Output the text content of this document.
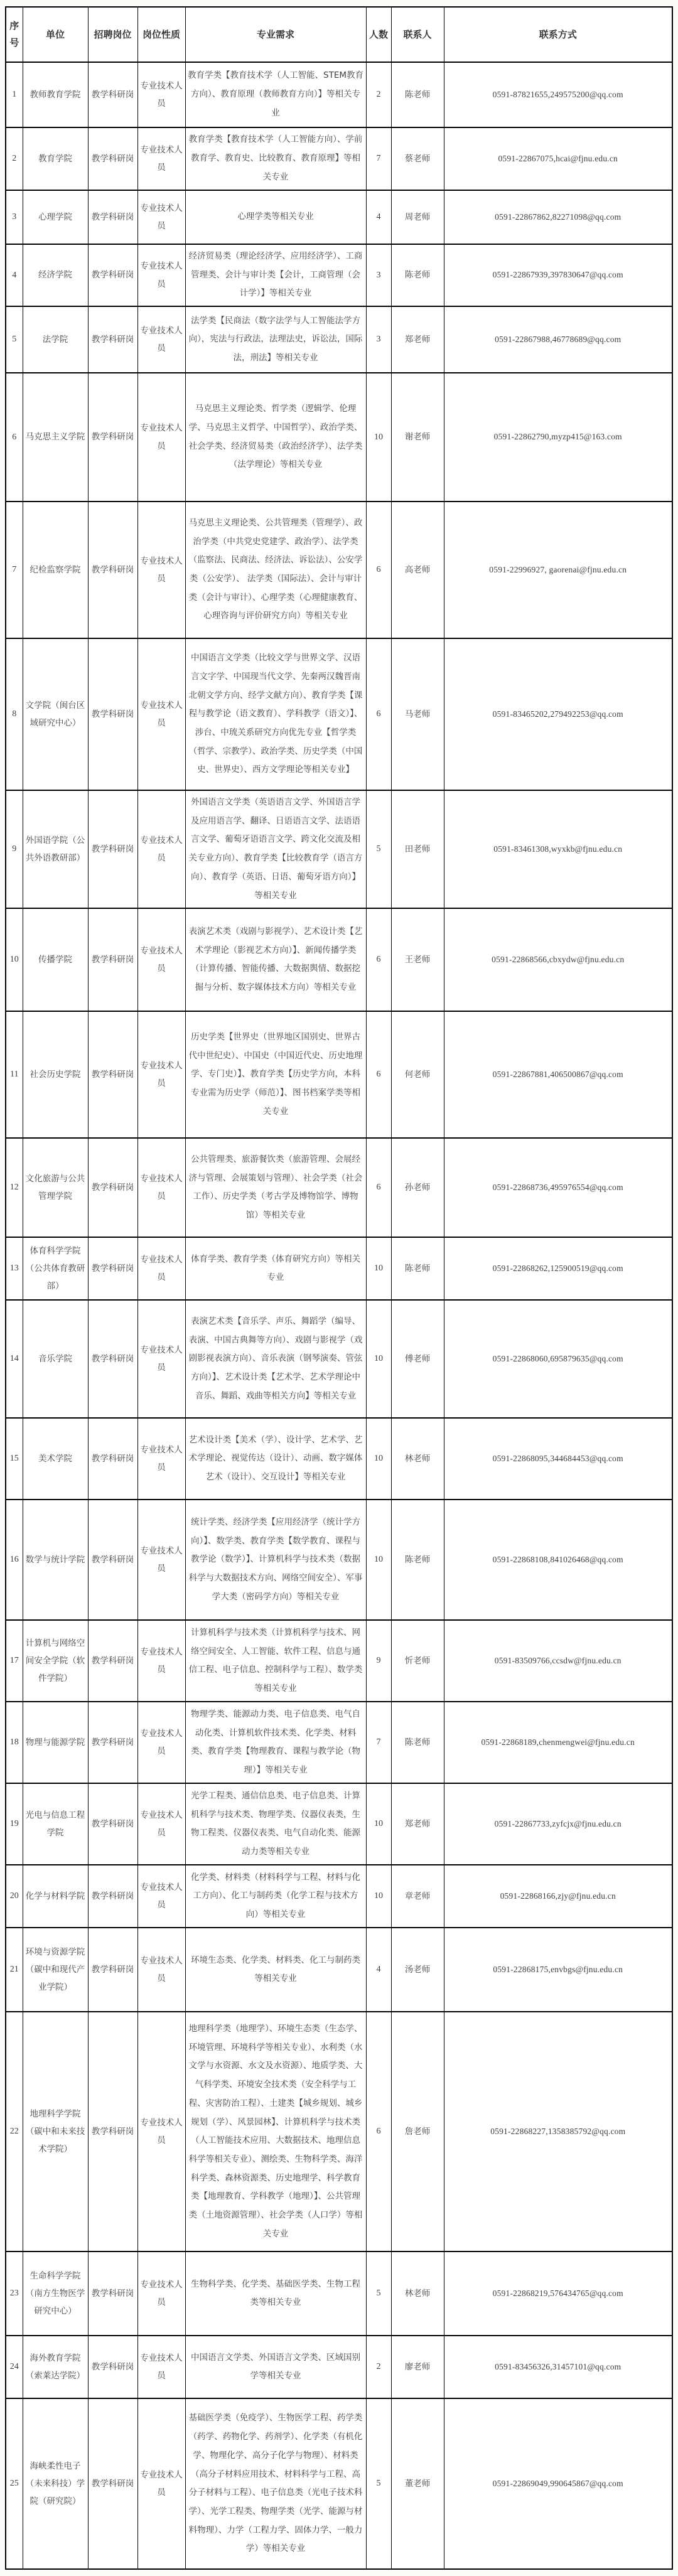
序号	单位	招聘岗位	岗位性质	专业需求	人数	联系人	联系方式
1	教师教育学院	教学科研岗	专业技术人员	教育学类【教育技术学（人工智能、STEM教育方向）、教育原理（教师教育方向）】等相关专业	2	陈老师	0591-87821655,249575200@qq.com
2	教育学院	教学科研岗	专业技术人员	教育学类【教育技术学（人工智能方向）、学前教育学、教育史、比较教育、教育原理】等相关专业	7	蔡老师	0591-22867075,hcai@fjnu.edu.cn
3	心理学院	教学科研岗	专业技术人员	心理学类等相关专业	4	周老师	0591-22867862,82271098@qq.com
4	经济学院	教学科研岗	专业技术人员	经济贸易类（理论经济学、应用经济学）、工商管理类、会计与审计类【会计，工商管理（会计学）】等相关专业	3	陈老师	0591-22867939,397830647@qq.com
5	法学院	教学科研岗	专业技术人员	法学类【民商法（数字法学与人工智能法学方向），宪法与行政法，法理法史，诉讼法，国际法，刑法】等相关专业	3	郑老师	0591-22867988,46778689@qq.com
6	马克思主义学院	教学科研岗	专业技术人员	马克思主义理论类、哲学类（逻辑学、伦理学、马克思主义哲学、中国哲学）、政治学类、社会学类、经济贸易类（政治经济学）、法学类（法学理论）等相关专业	10	谢老师	0591-22862790,myzp415@163.com
7	纪检监察学院	教学科研岗	专业技术人员	马克思主义理论类、公共管理类（管理学）、政治学类（中共党史党建学、政治学）、法学类（监察法、民商法、经济法、诉讼法）、公安学类（公安学）、 法学类（国际法）、会计与审计类（会计与审计）、心理学类（心理健康教育、心理咨询与评价研究方向）等相关专业	6	高老师	0591-22996927, gaorenai@fjnu.edu.cn
8	文学院（闽台区域研究中心）	教学科研岗	专业技术人员	中国语言文学类（比较文学与世界文学、汉语言文字学、中国现当代文学、先秦两汉魏晋南北朝文学方向、经学文献方向）、教育学类【课程与教学论（语文教育）、学科教学（语文）】、涉台、中琉关系研究方向优先专业【哲学类（哲学、宗教学）、政治学类、历史学类（中国史、世界史）、西方文学理论等相关专业】	6	马老师	0591-83465202,279492253@qq.com
9	外国语学院（公共外语教研部）	教学科研岗	专业技术人员	外国语言文学类（英语语言文学、外国语言学及应用语言学、翻译、日语语言文学、法语语言文学、葡萄牙语语言文学、跨文化交流及相关专业方向）、教育学类【比较教育学（语言方向）、教育学（英语、日语、葡萄牙语方向）】等相关专业	5	田老师	0591-83461308,wyxkb@fjnu.edu.cn
10	传播学院	教学科研岗	专业技术人员	表演艺术类（戏剧与影视学）、艺术设计类【艺术学理论（影视艺术方向）】、新闻传播学类（计算传播、智能传播、大数据舆情、数据挖掘与分析、数字媒体技术方向）等相关专业	6	王老师	0591-22868566,cbxydw@fjnu.edu.cn
11	社会历史学院	教学科研岗	专业技术人员	历史学类【世界史（世界地区国别史、世界古代中世纪史）、中国史（中国近代史、历史地理学、专门史）】、教育学类【历史学方向，本科专业需为历史学（师范）】、图书档案学类等相关专业	6	何老师	0591-22867881,406500867@qq.com
12	文化旅游与公共管理学院	教学科研岗	专业技术人员	公共管理类、旅游餐饮类（旅游管理、会展经济与管理、会展策划与管理）、社会学类（社会工作）、历史学类（考古学及博物馆学、博物馆）等相关专业	6	孙老师	0591-22868736,495976554@qq.com
13	体育科学学院（公共体育教研部）	教学科研岗	专业技术人员	体育学类、教育学类（体育研究方向）等相关专业	10	陈老师	0591-22868262,125900519@qq.com
14	音乐学院	教学科研岗	专业技术人员	表演艺术类【音乐学、声乐、舞蹈学（编导、表演、中国古典舞等方向）、戏剧与影视学（戏剧影视表演方向）、音乐表演（钢琴演奏、管弦方向）】、艺术设计类【艺术学、艺术学理论中音乐、舞蹈、戏曲等相关方向】等相关专业	10	傅老师	0591-22868060,695879635@qq.com
15	美术学院	教学科研岗	专业技术人员	艺术设计类【美术（学）、设计学、艺术学、艺术学理论、视觉传达（设计）、动画、数字媒体艺术（设计）、交互设计】等相关专业	10	林老师	0591-22868095,344684453@qq.com
16	数学与统计学院	教学科研岗	专业技术人员	统计学类、经济学类【应用经济学（统计学方向）】、数学类、教育学类【数学教育、课程与教学论（数学）】、计算机科学与技术类（数据科学与大数据技术方向、网络空间安全）、军事学大类（密码学方向）等相关专业	10	陈老师	0591-22868108,841026468@qq.com
17	计算机与网络空间安全学院（软件学院）	教学科研岗	专业技术人员	计算机科学与技术类（计算机科学与技术、网络空间安全、人工智能、软件工程、信息与通信工程、电子信息、控制科学与工程）、数学类等相关专业	9	忻老师	0591-83509766,ccsdw@fjnu.edu.cn
18	物理与能源学院	教学科研岗	专业技术人员	物理学类、能源动力类、电子信息类、电气自动化类、计算机软件技术类、化学类、材料类、教育学类【物理教育、课程与教学论（物理）】等相关专业	7	陈老师	0591-22868189,chenmengwei@fjnu.edu.cn
19	光电与信息工程学院	教学科研岗	专业技术人员	光学工程类、通信信息类、电子信息类、计算机科学与技术类、物理学类、仪器仪表类，生物工程类、仪器仪表类、电气自动化类、能源动力类等相关专业	10	郑老师	0591-22867733,zyfcjx@fjnu.edu.cn
20	化学与材料学院	教学科研岗	专业技术人员	化学类、材料类（材料科学与工程、材料与化工方向）、化工与制药类（化学工程与技术方向）等相关专业	10	章老师	0591-22868166,zjy@fjnu.edu.cn
21	环境与资源学院（碳中和现代产业学院）	教学科研岗	专业技术人员	环境生态类、化学类、材料类、化工与制药类等相关专业	4	汤老师	0591-22868175,envbgs@fjnu.edu.cn
22	地理科学学院（碳中和未来技术学院）	教学科研岗	专业技术人员	地理科学类（地理学）、环境生态类（生态学、环境管理、环境科学等相关专业）、水利类（水文学与水资源、水文及水资源）、地质学类、大气科学类、环境安全技术类（安全科学与工程、灾害防治工程）、土建类【城乡规划、城乡规划（学）、风景园林】、计算机科学与技术类（人工智能技术应用、大数据技术、地理信息科学等相关专业）、测绘类、生物科学类、海洋科学类、森林资源类、历史地理学、科学教育类【地理教育、学科教学（地理）】、公共管理类（土地资源管理）、社会学类（人口学）等相关专业	6	詹老师	0591-22868227,1358385792@qq.com
23	生命科学学院（南方生物医学研究中心）	教学科研岗	专业技术人员	生物科学类、化学类、基础医学类、生物工程类等相关专业	5	林老师	0591-22868219,576434765@qq.com
24	海外教育学院（索莱达学院）	教学科研岗	专业技术人员	中国语言文学类、外国语言文学类、区域国别学等相关专业	2	廖老师	0591-83456326,31457101@qq.com
25	海峡柔性电子（未来科技）学院（研究院）	教学科研岗	专业技术人员	基础医学类（免疫学）、生物医学工程、药学类（药学、药物化学、药剂学）、化学类（有机化学、物理化学、高分子化学与物理）、材料类（高分子材料应用技术、材料科学与工程、高分子材料与工程）、电子信息类（光电子技术科学）、光学工程类、物理学类（光学、能源与材料物理）、力学（工程力学、固体力学、一般力学）等相关专业	5	董老师	0591-22869049,990645867@qq.com
